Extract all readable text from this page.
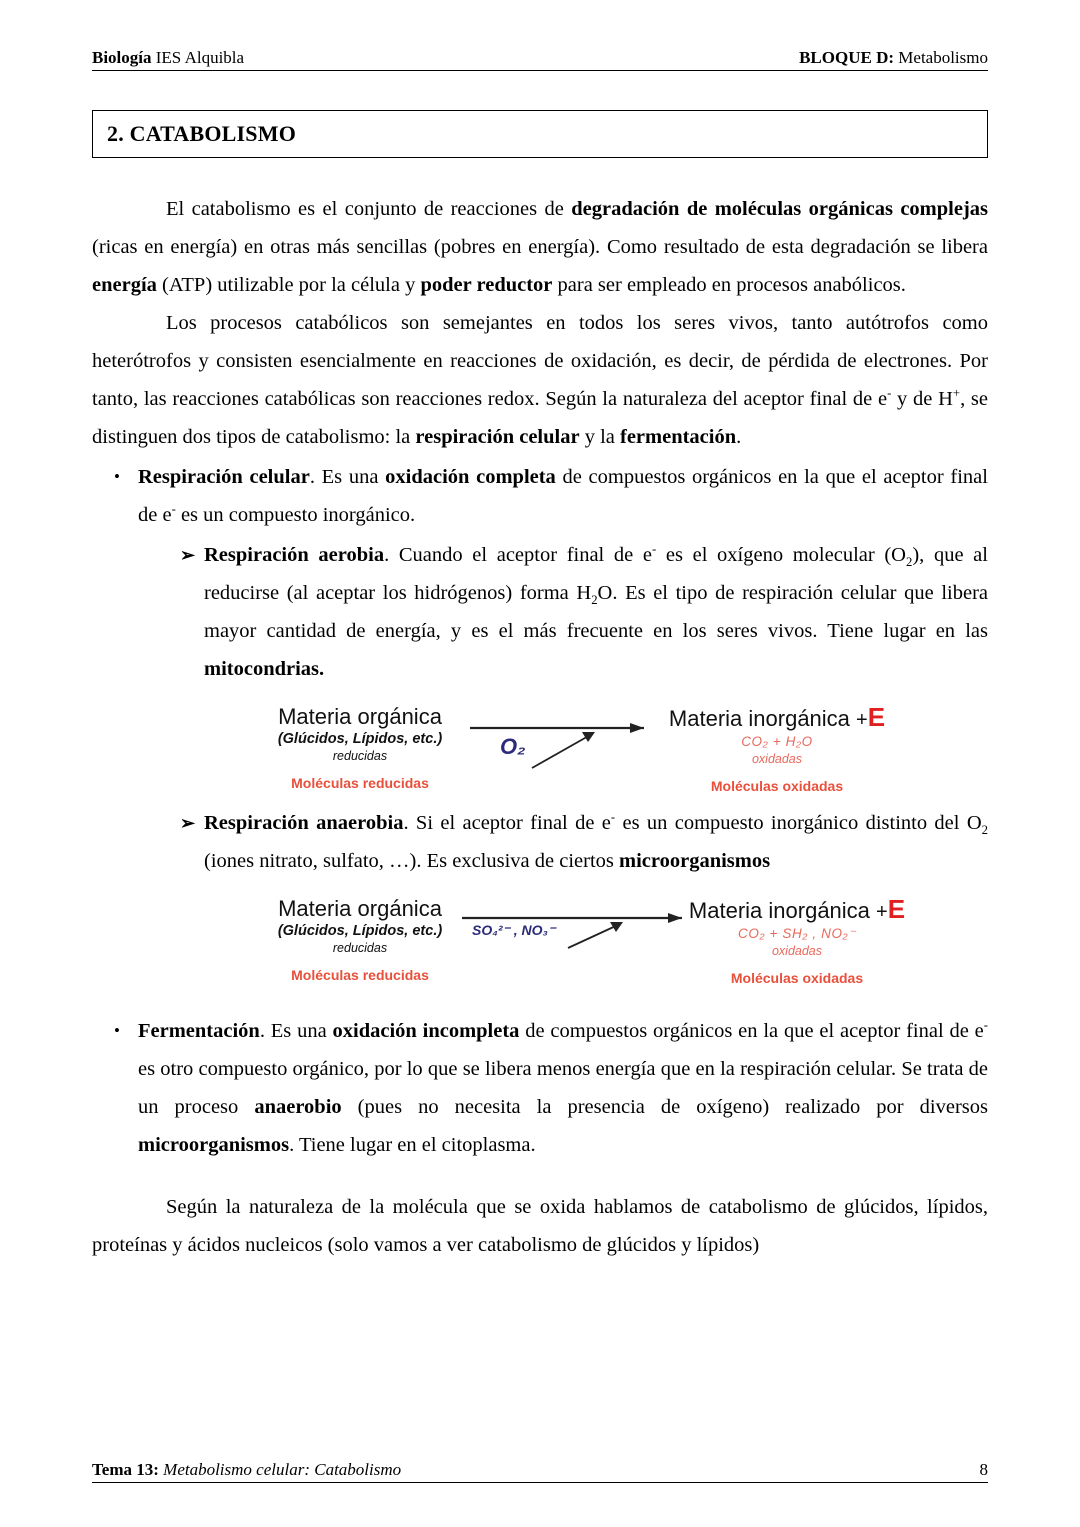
Biología IES Alquibla	BLOQUE D: Metabolismo
2. CATABOLISMO

El catabolismo es el conjunto de reacciones de degradación de moléculas orgánicas complejas (ricas en energía) en otras más sencillas (pobres en energía). Como resultado de esta degradación se libera energía (ATP) utilizable por la célula y poder reductor para ser empleado en procesos anabólicos.

Los procesos catabólicos son semejantes en todos los seres vivos, tanto autótrofos como heterótrofos y consisten esencialmente en reacciones de oxidación, es decir, de pérdida de electrones. Por tanto, las reacciones catabólicas son reacciones redox. Según la naturaleza del aceptor final de e- y de H+, se distinguen dos tipos de catabolismo: la respiración celular y la fermentación.

• Respiración celular. Es una oxidación completa de compuestos orgánicos en la que el aceptor final de e- es un compuesto inorgánico.
➢ Respiración aerobia. Cuando el aceptor final de e- es el oxígeno molecular $(O_2)$, que al reducirse (al aceptar los hidrógenos) forma $H_2O$. Es el tipo de respiración celular que libera mayor cantidad de energía, y es el más frecuente en los seres vivos. Tiene lugar en las mitocondrias.
Materia orgánica
(Glúcidos, Lípidos, etc.)
reducidas
Moléculas reducidas
O₂
Materia inorgánica +E
CO₂ + H₂O
oxidadas
Moléculas oxidadas
➢ Respiración anaerobia. Si el aceptor final de e- es un compuesto inorgánico distinto del $O_2$ (iones nitrato, sulfato, …). Es exclusiva de ciertos microorganismos
Materia orgánica
(Glúcidos, Lípidos, etc.)
reducidas
Moléculas reducidas
SO₄²⁻ , NO₃⁻
Materia inorgánica +E
CO₂ + SH₂ , NO₂⁻
oxidadas
Moléculas oxidadas
• Fermentación. Es una oxidación incompleta de compuestos orgánicos en la que el aceptor final de e- es otro compuesto orgánico, por lo que se libera menos energía que en la respiración celular. Se trata de un proceso anaerobio (pues no necesita la presencia de oxígeno) realizado por diversos microorganismos. Tiene lugar en el citoplasma.

Según la naturaleza de la molécula que se oxida hablamos de catabolismo de glúcidos, lípidos, proteínas y ácidos nucleicos (solo vamos a ver catabolismo de glúcidos y lípidos)

Tema 13: Metabolismo celular: Catabolismo	8
